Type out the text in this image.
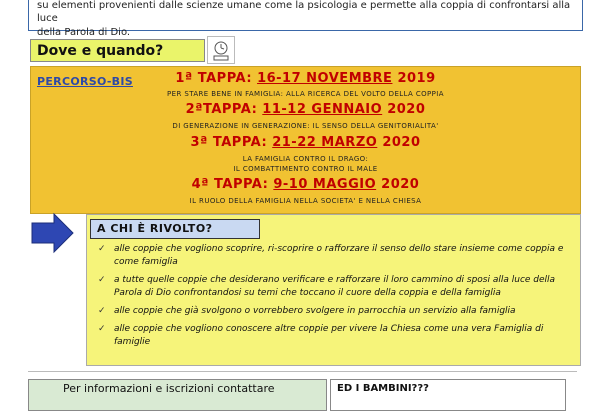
su elementi provenienti dalle scienze umane come la psicologia e permette alla coppia di confrontarsi alla luce
della Parola di Dio.
Dove e quando?
PERCORSO-BIS	1ª TAPPA: 16-17 NOVEMBRE 2019
PER STARE BENE IN FAMIGLIA: ALLA RICERCA DEL VOLTO DELLA COPPIA
2ªTAPPA: 11-12 GENNAIO 2020
DI GENERAZIONE IN GENERAZIONE: IL SENSO DELLA GENITORIALITA'
3ª TAPPA: 21-22 MARZO 2020
LA FAMIGLIA CONTRO IL DRAGO:
IL COMBATTIMENTO CONTRO IL MALE
4ª TAPPA: 9-10 MAGGIO 2020
IL RUOLO DELLA FAMIGLIA NELLA SOCIETA' E NELLA CHIESA
A CHI È RIVOLTO?
✓ alle coppie che vogliono scoprire, ri-scoprire o rafforzare il senso dello stare insieme come coppia e come famiglia
✓ a tutte quelle coppie che desiderano verificare e rafforzare il loro cammino di sposi alla luce della Parola di Dio confrontandosi su temi che toccano il cuore della coppia e della famiglia
✓ alle coppie che già svolgono o vorrebbero svolgere in parrocchia un servizio alla famiglia
✓ alle coppie che vogliono conoscere altre coppie per vivere la Chiesa come una vera Famiglia di famiglie
Per informazioni e iscrizioni contattare	ED I BAMBINI???
